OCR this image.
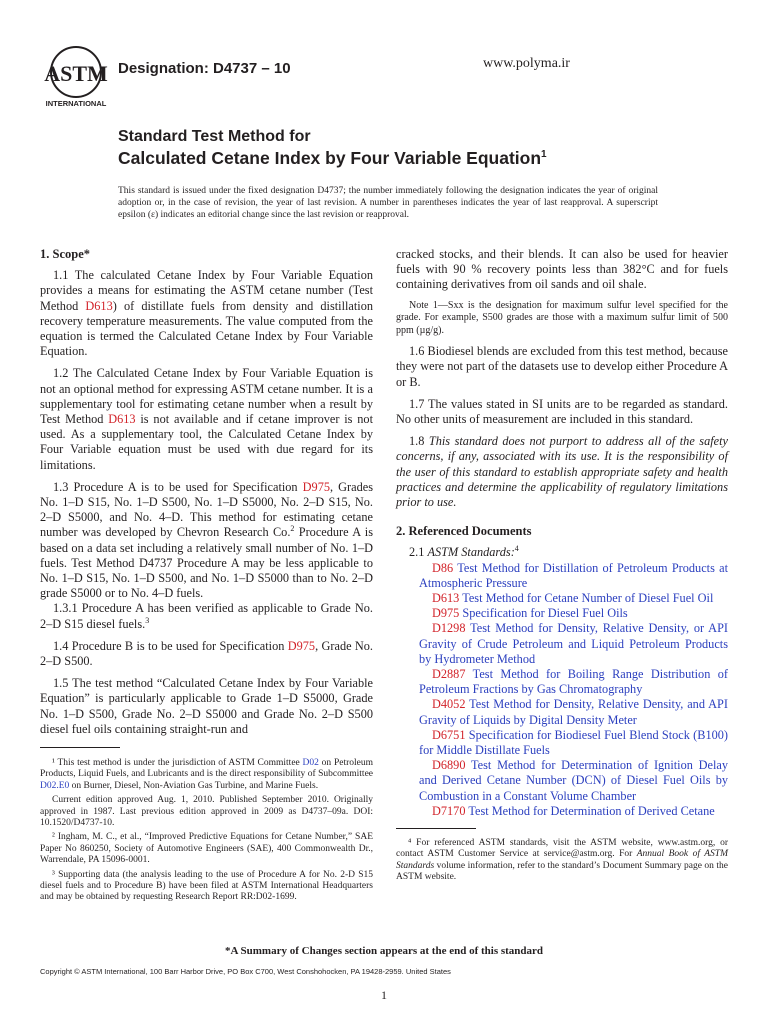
ASTM
INTERNATIONAL
Designation: D4737 – 10	www.polyma.ir
Standard Test Method for
Calculated Cetane Index by Four Variable Equation$^1$
This standard is issued under the fixed designation D4737; the number immediately following the designation indicates the year of original adoption or, in the case of revision, the year of last revision. A number in parentheses indicates the year of last reapproval. A superscript epsilon (ε) indicates an editorial change since the last revision or reapproval.

1. Scope*

1.1 The calculated Cetane Index by Four Variable Equation provides a means for estimating the ASTM cetane number (Test Method D613) of distillate fuels from density and distillation recovery temperature measurements. The value computed from the equation is termed the Calculated Cetane Index by Four Variable Equation.

1.2 The Calculated Cetane Index by Four Variable Equation is not an optional method for expressing ASTM cetane number. It is a supplementary tool for estimating cetane number when a result by Test Method D613 is not available and if cetane improver is not used. As a supplementary tool, the Calculated Cetane Index by Four Variable equation must be used with due regard for its limitations.

1.3 Procedure A is to be used for Specification D975, Grades No. 1–D S15, No. 1–D S500, No. 1–D S5000, No. 2–D S15, No. 2–D S5000, and No. 4–D. This method for estimating cetane number was developed by Chevron Research Co.$^2$ Procedure A is based on a data set including a relatively small number of No. 1–D fuels. Test Method D4737 Procedure A may be less applicable to No. 1–D S15, No. 1–D S500, and No. 1–D S5000 than to No. 2–D grade S5000 or to No. 4–D fuels.

1.3.1 Procedure A has been verified as applicable to Grade No. 2–D S15 diesel fuels.$^3$

1.4 Procedure B is to be used for Specification D975, Grade No. 2–D S500.

1.5 The test method “Calculated Cetane Index by Four Variable Equation” is particularly applicable to Grade 1–D S5000, Grade No. 1–D S500, Grade No. 2–D S5000 and Grade No. 2–D S500 diesel fuel oils containing straight-run and

cracked stocks, and their blends. It can also be used for heavier fuels with 90 % recovery points less than 382°C and for fuels containing derivatives from oil sands and oil shale.

Note 1—Sxx is the designation for maximum sulfur level specified for the grade. For example, S500 grades are those with a maximum sulfur limit of 500 ppm (µg/g).

1.6 Biodiesel blends are excluded from this test method, because they were not part of the datasets use to develop either Procedure A or B.

1.7 The values stated in SI units are to be regarded as standard. No other units of measurement are included in this standard.

1.8 This standard does not purport to address all of the safety concerns, if any, associated with its use. It is the responsibility of the user of this standard to establish appropriate safety and health practices and determine the applicability of regulatory limitations prior to use.

2. Referenced Documents

2.1 ASTM Standards:$^4$

D86 Test Method for Distillation of Petroleum Products at Atmospheric Pressure

D613 Test Method for Cetane Number of Diesel Fuel Oil

D975 Specification for Diesel Fuel Oils

D1298 Test Method for Density, Relative Density, or API Gravity of Crude Petroleum and Liquid Petroleum Products by Hydrometer Method

D2887 Test Method for Boiling Range Distribution of Petroleum Fractions by Gas Chromatography

D4052 Test Method for Density, Relative Density, and API Gravity of Liquids by Digital Density Meter

D6751 Specification for Biodiesel Fuel Blend Stock (B100) for Middle Distillate Fuels

D6890 Test Method for Determination of Ignition Delay and Derived Cetane Number (DCN) of Diesel Fuel Oils by Combustion in a Constant Volume Chamber

D7170 Test Method for Determination of Derived Cetane

¹ This test method is under the jurisdiction of ASTM Committee D02 on Petroleum Products, Liquid Fuels, and Lubricants and is the direct responsibility of Subcommittee D02.E0 on Burner, Diesel, Non-Aviation Gas Turbine, and Marine Fuels.

Current edition approved Aug. 1, 2010. Published September 2010. Originally approved in 1987. Last previous edition approved in 2009 as D4737–09a. DOI: 10.1520/D4737-10.

² Ingham, M. C., et al., “Improved Predictive Equations for Cetane Number,” SAE Paper No 860250, Society of Automotive Engineers (SAE), 400 Commonwealth Dr., Warrendale, PA 15096-0001.

³ Supporting data (the analysis leading to the use of Procedure A for No. 2-D S15 diesel fuels and to Procedure B) have been filed at ASTM International Headquarters and may be obtained by requesting Research Report RR:D02-1699.

⁴ For referenced ASTM standards, visit the ASTM website, www.astm.org, or contact ASTM Customer Service at service@astm.org. For Annual Book of ASTM Standards volume information, refer to the standard’s Document Summary page on the ASTM website.

*A Summary of Changes section appears at the end of this standard
Copyright © ASTM International, 100 Barr Harbor Drive, PO Box C700, West Conshohocken, PA 19428-2959. United States
1
